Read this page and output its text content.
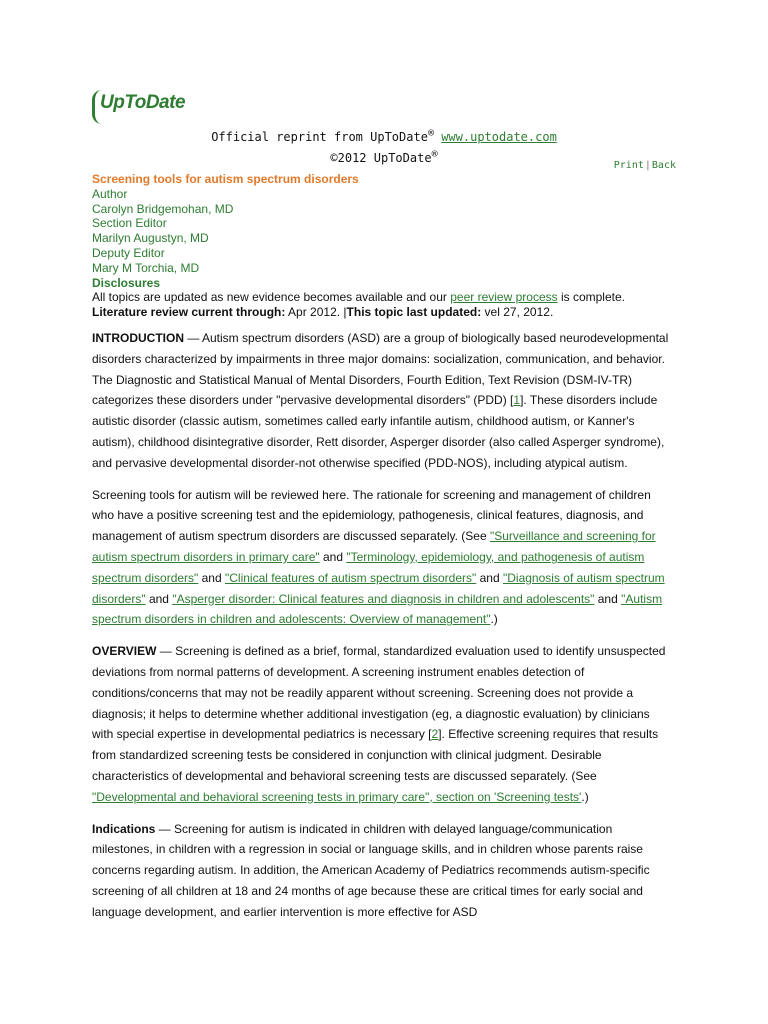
UpToDate
Official reprint from UpToDate® www.uptodate.com
©2012 UpToDate®
Print|Back
Screening tools for autism spectrum disorders
Author
Carolyn Bridgemohan, MD
Section Editor
Marilyn Augustyn, MD
Deputy Editor
Mary M Torchia, MD
Disclosures
All topics are updated as new evidence becomes available and our peer review process is complete.
Literature review current through: Apr 2012. |This topic last updated: vel 27, 2012.

INTRODUCTION — Autism spectrum disorders (ASD) are a group of biologically based neurodevelopmental disorders characterized by impairments in three major domains: socialization, communication, and behavior. The Diagnostic and Statistical Manual of Mental Disorders, Fourth Edition, Text Revision (DSM-IV-TR) categorizes these disorders under "pervasive developmental disorders" (PDD) [1]. These disorders include autistic disorder (classic autism, sometimes called early infantile autism, childhood autism, or Kanner's autism), childhood disintegrative disorder, Rett disorder, Asperger disorder (also called Asperger syndrome), and pervasive developmental disorder-not otherwise specified (PDD-NOS), including atypical autism.

Screening tools for autism will be reviewed here. The rationale for screening and management of children who have a positive screening test and the epidemiology, pathogenesis, clinical features, diagnosis, and management of autism spectrum disorders are discussed separately. (See "Surveillance and screening for autism spectrum disorders in primary care" and "Terminology, epidemiology, and pathogenesis of autism spectrum disorders" and "Clinical features of autism spectrum disorders" and "Diagnosis of autism spectrum disorders" and "Asperger disorder: Clinical features and diagnosis in children and adolescents" and "Autism spectrum disorders in children and adolescents: Overview of management".)

OVERVIEW — Screening is defined as a brief, formal, standardized evaluation used to identify unsuspected deviations from normal patterns of development. A screening instrument enables detection of conditions/concerns that may not be readily apparent without screening. Screening does not provide a diagnosis; it helps to determine whether additional investigation (eg, a diagnostic evaluation) by clinicians with special expertise in developmental pediatrics is necessary [2]. Effective screening requires that results from standardized screening tests be considered in conjunction with clinical judgment. Desirable characteristics of developmental and behavioral screening tests are discussed separately. (See "Developmental and behavioral screening tests in primary care", section on 'Screening tests'.)

Indications — Screening for autism is indicated in children with delayed language/communication milestones, in children with a regression in social or language skills, and in children whose parents raise concerns regarding autism. In addition, the American Academy of Pediatrics recommends autism-specific screening of all children at 18 and 24 months of age because these are critical times for early social and language development, and earlier intervention is more effective for ASD
